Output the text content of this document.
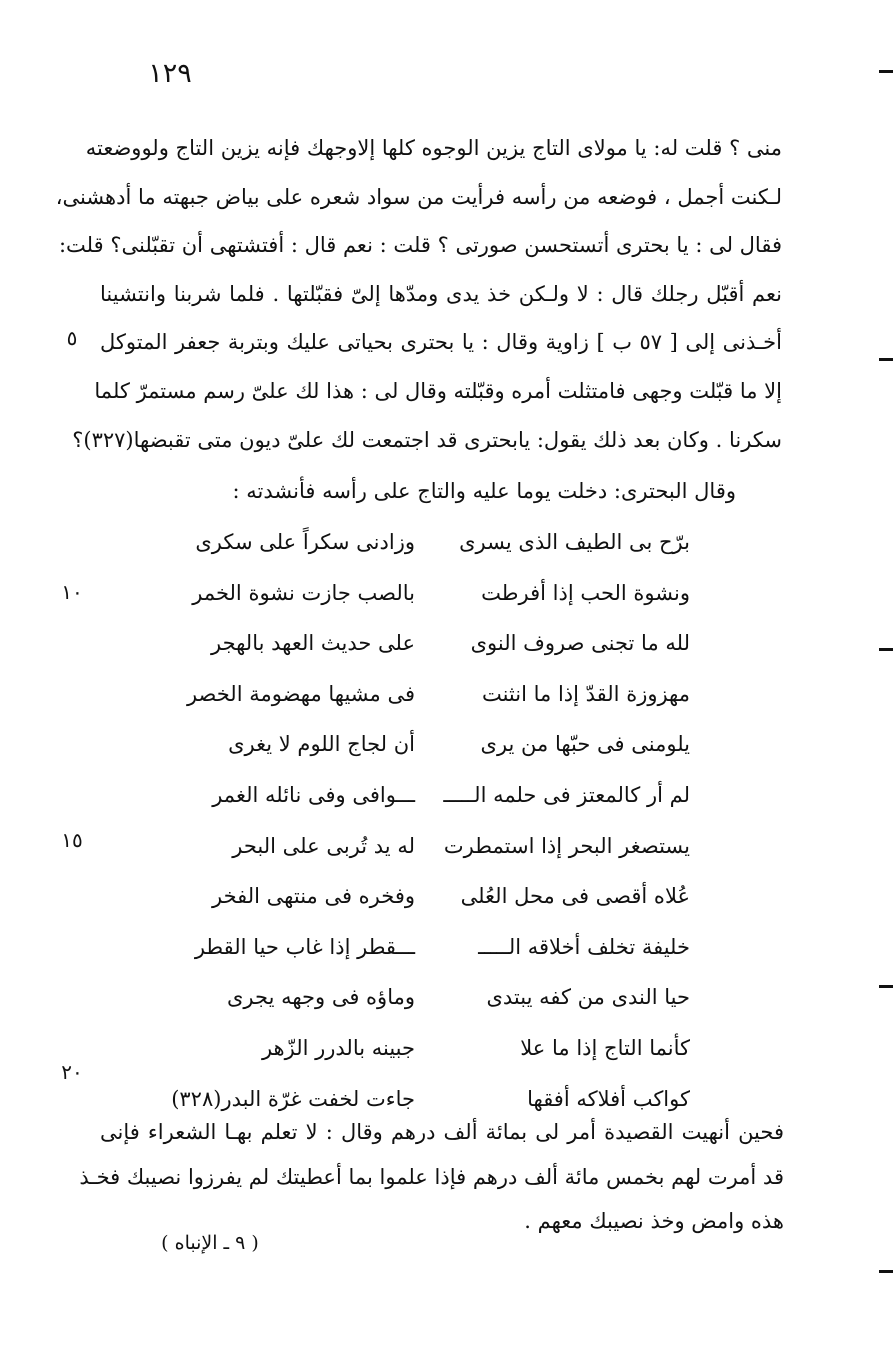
١٢٩
٥
١٠
١٥
٢٠
منى ؟ قلت له: يا مولاى التاج يزين الوجوه كلها إلاوجهك فإنه يزين التاج ولووضعته
لـكنت أجمل ، فوضعه من رأسه فرأيت من سواد شعره على بياض جبهته ما أدهشنى،
فقال لى : يا بحترى أتستحسن صورتى ؟ قلت : نعم قال : أفتشتهى أن تقبّلنى؟ قلت:
نعم أقبّل رجلك قال : لا ولـكن خذ يدى ومدّها إلىّ فقبّلتها . فلما شربنا وانتشينا
أخـذنى إلى [ ٥٧ ب ] زاوية وقال : يا بحترى بحياتى عليك وبتربة جعفر المتوكل
إلا ما قبّلت وجهى فامتثلت أمره وقبّلته وقال لى : هذا لك علىّ رسم مستمرّ كلما
سكرنا . وكان بعد ذلك يقول: يابحترى قد اجتمعت لك علىّ ديون متى تقبضها(٣٢٧)؟
وقال البحترى: دخلت يوما عليه والتاج على رأسه فأنشدته :
برّح بى الطيف الذى يسرى
وزادنى سكراً على سكرى
ونشوة الحب إذا أفرطت
بالصب جازت نشوة الخمر
لله ما تجنى صروف النوى
على حديث العهد بالهجر
مهزوزة القدّ إذا ما انثنت
فى مشيها مهضومة الخصر
يلومنى فى حبّها من يرى
أن لجاج اللوم لا يغرى
لم أر كالمعتز فى حلمه الـــــ
ـــوافى وفى نائله الغمر
يستصغر البحر إذا استمطرت
له يد تُربى على البحر
عُلاه أقصى فى محل العُلى
وفخره فى منتهى الفخر
خليفة تخلف أخلاقه الـــــ
ـــقطر إذا غاب حيا القطر
حيا الندى من كفه يبتدى
وماؤه فى وجهه يجرى
كأنما التاج إذا ما علا
جبينه بالدرر الزّهر
كواكب أفلاكه أفقها
جاءت لخفت غرّة البدر(٣٢٨)
فحين أنهيت القصيدة أمر لى بمائة ألف درهم وقال : لا تعلم بهـا الشعراء فإنى
قد أمرت لهم بخمس مائة ألف درهم فإذا علموا بما أعطيتك لم يفرزوا نصيبك فخـذ
هذه وامض وخذ نصيبك معهم .
( ٩ ـ الإنباه )
